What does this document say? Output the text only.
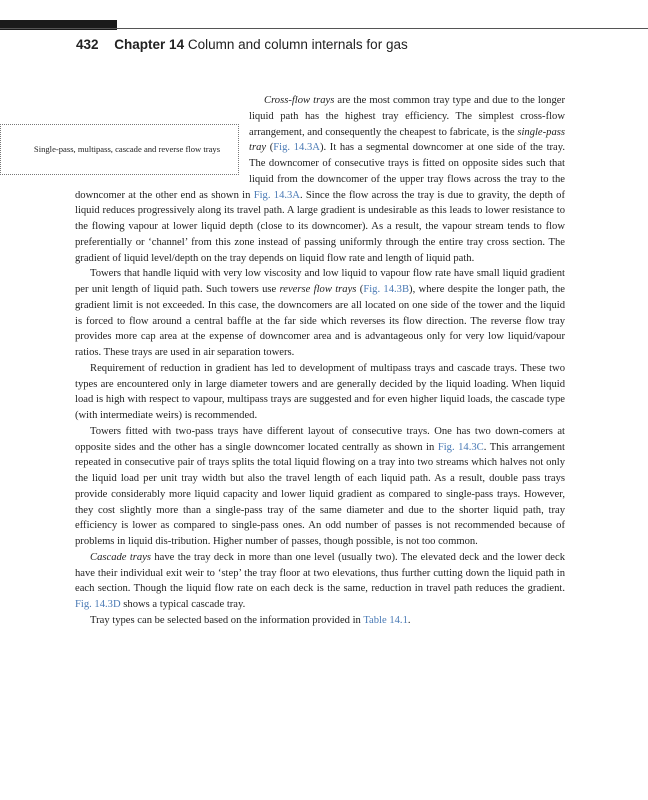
432 Chapter 14 Column and column internals for gas

Single-pass, multipass, cascade and reverse flow trays
Cross-flow trays are the most common tray type and due to the longer liquid path has the highest tray efficiency. The simplest cross-flow arrangement, and consequently the cheapest to fabricate, is the single-pass tray (Fig. 14.3A). It has a segmental downcomer at one side of the tray. The downcomer of consecutive trays is fitted on opposite sides such that liquid from the downcomer of the upper tray flows across the tray to the downcomer at the other end as shown in Fig. 14.3A. Since the flow across the tray is due to gravity, the depth of liquid reduces progressively along its travel path. A large gradient is undesirable as this leads to lower resistance to the flowing vapour at lower liquid depth (close to its downcomer). As a result, the vapour stream tends to flow preferentially or ‘channel’ from this zone instead of passing uniformly through the entire tray cross section. The gradient of liquid level/depth on the tray depends on liquid flow rate and length of liquid path.

Towers that handle liquid with very low viscosity and low liquid to vapour flow rate have small liquid gradient per unit length of liquid path. Such towers use reverse flow trays (Fig. 14.3B), where despite the longer path, the gradient limit is not exceeded. In this case, the downcomers are all located on one side of the tower and the liquid is forced to flow around a central baffle at the far side which reverses its flow direction. The reverse flow tray provides more cap area at the expense of downcomer area and is advantageous only for very low liquid/vapour ratios. These trays are used in air separation towers.

Requirement of reduction in gradient has led to development of multipass trays and cascade trays. These two types are encountered only in large diameter towers and are generally decided by the liquid loading. When liquid load is high with respect to vapour, multipass trays are suggested and for even higher liquid loads, the cascade type (with intermediate weirs) is recommended.

Towers fitted with two-pass trays have different layout of consecutive trays. One has two down-comers at opposite sides and the other has a single downcomer located centrally as shown in Fig. 14.3C. This arrangement repeated in consecutive pair of trays splits the total liquid flowing on a tray into two streams which halves not only the liquid load per unit tray width but also the travel length of each liquid path. As a result, double pass trays provide considerably more liquid capacity and lower liquid gradient as compared to single-pass trays. However, they cost slightly more than a single-pass tray of the same diameter and due to the shorter liquid path, tray efficiency is lower as compared to single-pass ones. An odd number of passes is not recommended because of problems in liquid dis-tribution. Higher number of passes, though possible, is not too common.

Cascade trays have the tray deck in more than one level (usually two). The elevated deck and the lower deck have their individual exit weir to ‘step’ the tray floor at two elevations, thus further cutting down the liquid path in each section. Though the liquid flow rate on each deck is the same, reduction in travel path reduces the gradient. Fig. 14.3D shows a typical cascade tray.

Tray types can be selected based on the information provided in Table 14.1.
